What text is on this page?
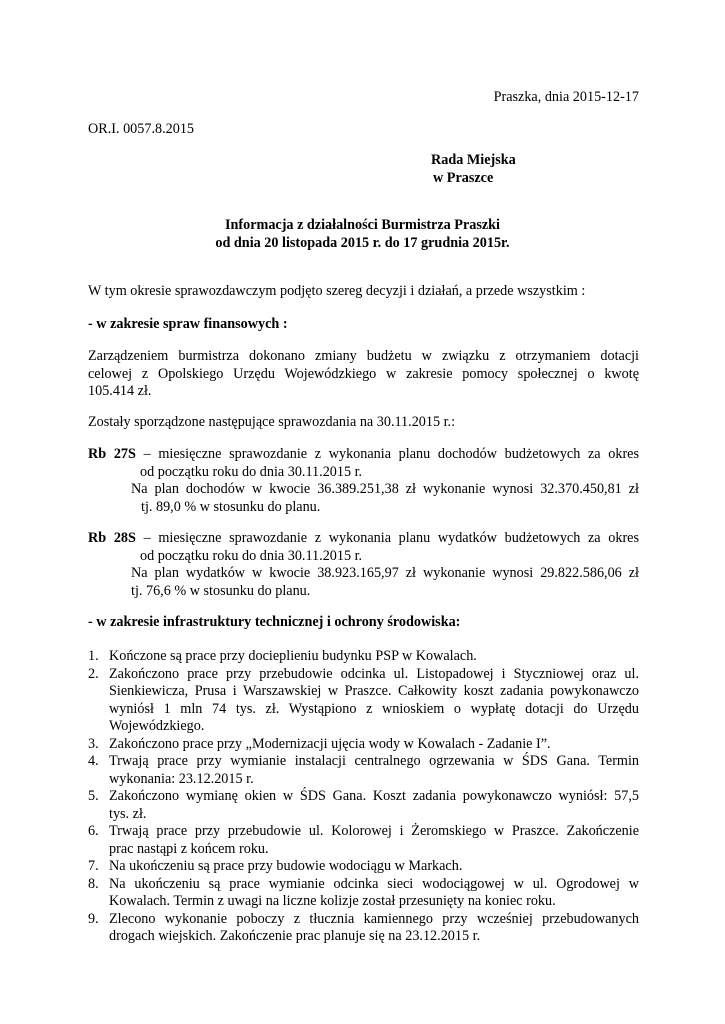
Praszka, dnia 2015-12-17
OR.I. 0057.8.2015
Rada Miejska
w Praszce
Informacja z działalności Burmistrza Praszki
od dnia 20 listopada 2015 r. do 17 grudnia 2015r.
W tym okresie sprawozdawczym podjęto szereg decyzji i działań, a przede wszystkim :
- w zakresie spraw finansowych :
Zarządzeniem burmistrza dokonano zmiany budżetu w związku z otrzymaniem dotacji
celowej z Opolskiego Urzędu Wojewódzkiego w zakresie pomocy społecznej o kwotę
105.414 zł.
Zostały sporządzone następujące sprawozdania na 30.11.2015 r.:
Rb 27S – miesięczne sprawozdanie z wykonania planu dochodów budżetowych za okres
od początku roku do dnia 30.11.2015 r.
Na plan dochodów w kwocie 36.389.251,38 zł wykonanie wynosi 32.370.450,81 zł
tj. 89,0 % w stosunku do planu.
Rb 28S – miesięczne sprawozdanie z wykonania planu wydatków budżetowych za okres
od początku roku do dnia 30.11.2015 r.
Na plan wydatków w kwocie 38.923.165,97 zł wykonanie wynosi 29.822.586,06 zł
tj. 76,6 % w stosunku do planu.
- w zakresie infrastruktury technicznej i ochrony środowiska:
1. Kończone są prace przy docieplieniu budynku PSP w Kowalach.
2. Zakończono prace przy przebudowie odcinka ul. Listopadowej i Styczniowej oraz ul.
Sienkiewicza, Prusa i Warszawskiej w Praszce. Całkowity koszt zadania powykonawczo
wyniósł 1 mln 74 tys. zł. Wystąpiono z wnioskiem o wypłatę dotacji do Urzędu
Wojewódzkiego.
3. Zakończono prace przy „Modernizacji ujęcia wody w Kowalach - Zadanie I”.
4. Trwają prace przy wymianie instalacji centralnego ogrzewania w ŚDS Gana. Termin
wykonania: 23.12.2015 r.
5. Zakończono wymianę okien w ŚDS Gana. Koszt zadania powykonawczo wyniósł: 57,5
tys. zł.
6. Trwają prace przy przebudowie ul. Kolorowej i Żeromskiego w Praszce. Zakończenie
prac nastąpi z końcem roku.
7. Na ukończeniu są prace przy budowie wodociągu w Markach.
8. Na ukończeniu są prace wymianie odcinka sieci wodociągowej w ul. Ogrodowej w
Kowalach. Termin z uwagi na liczne kolizje został przesunięty na koniec roku.
9. Zlecono wykonanie poboczy z tłucznia kamiennego przy wcześniej przebudowanych
drogach wiejskich. Zakończenie prac planuje się na 23.12.2015 r.
